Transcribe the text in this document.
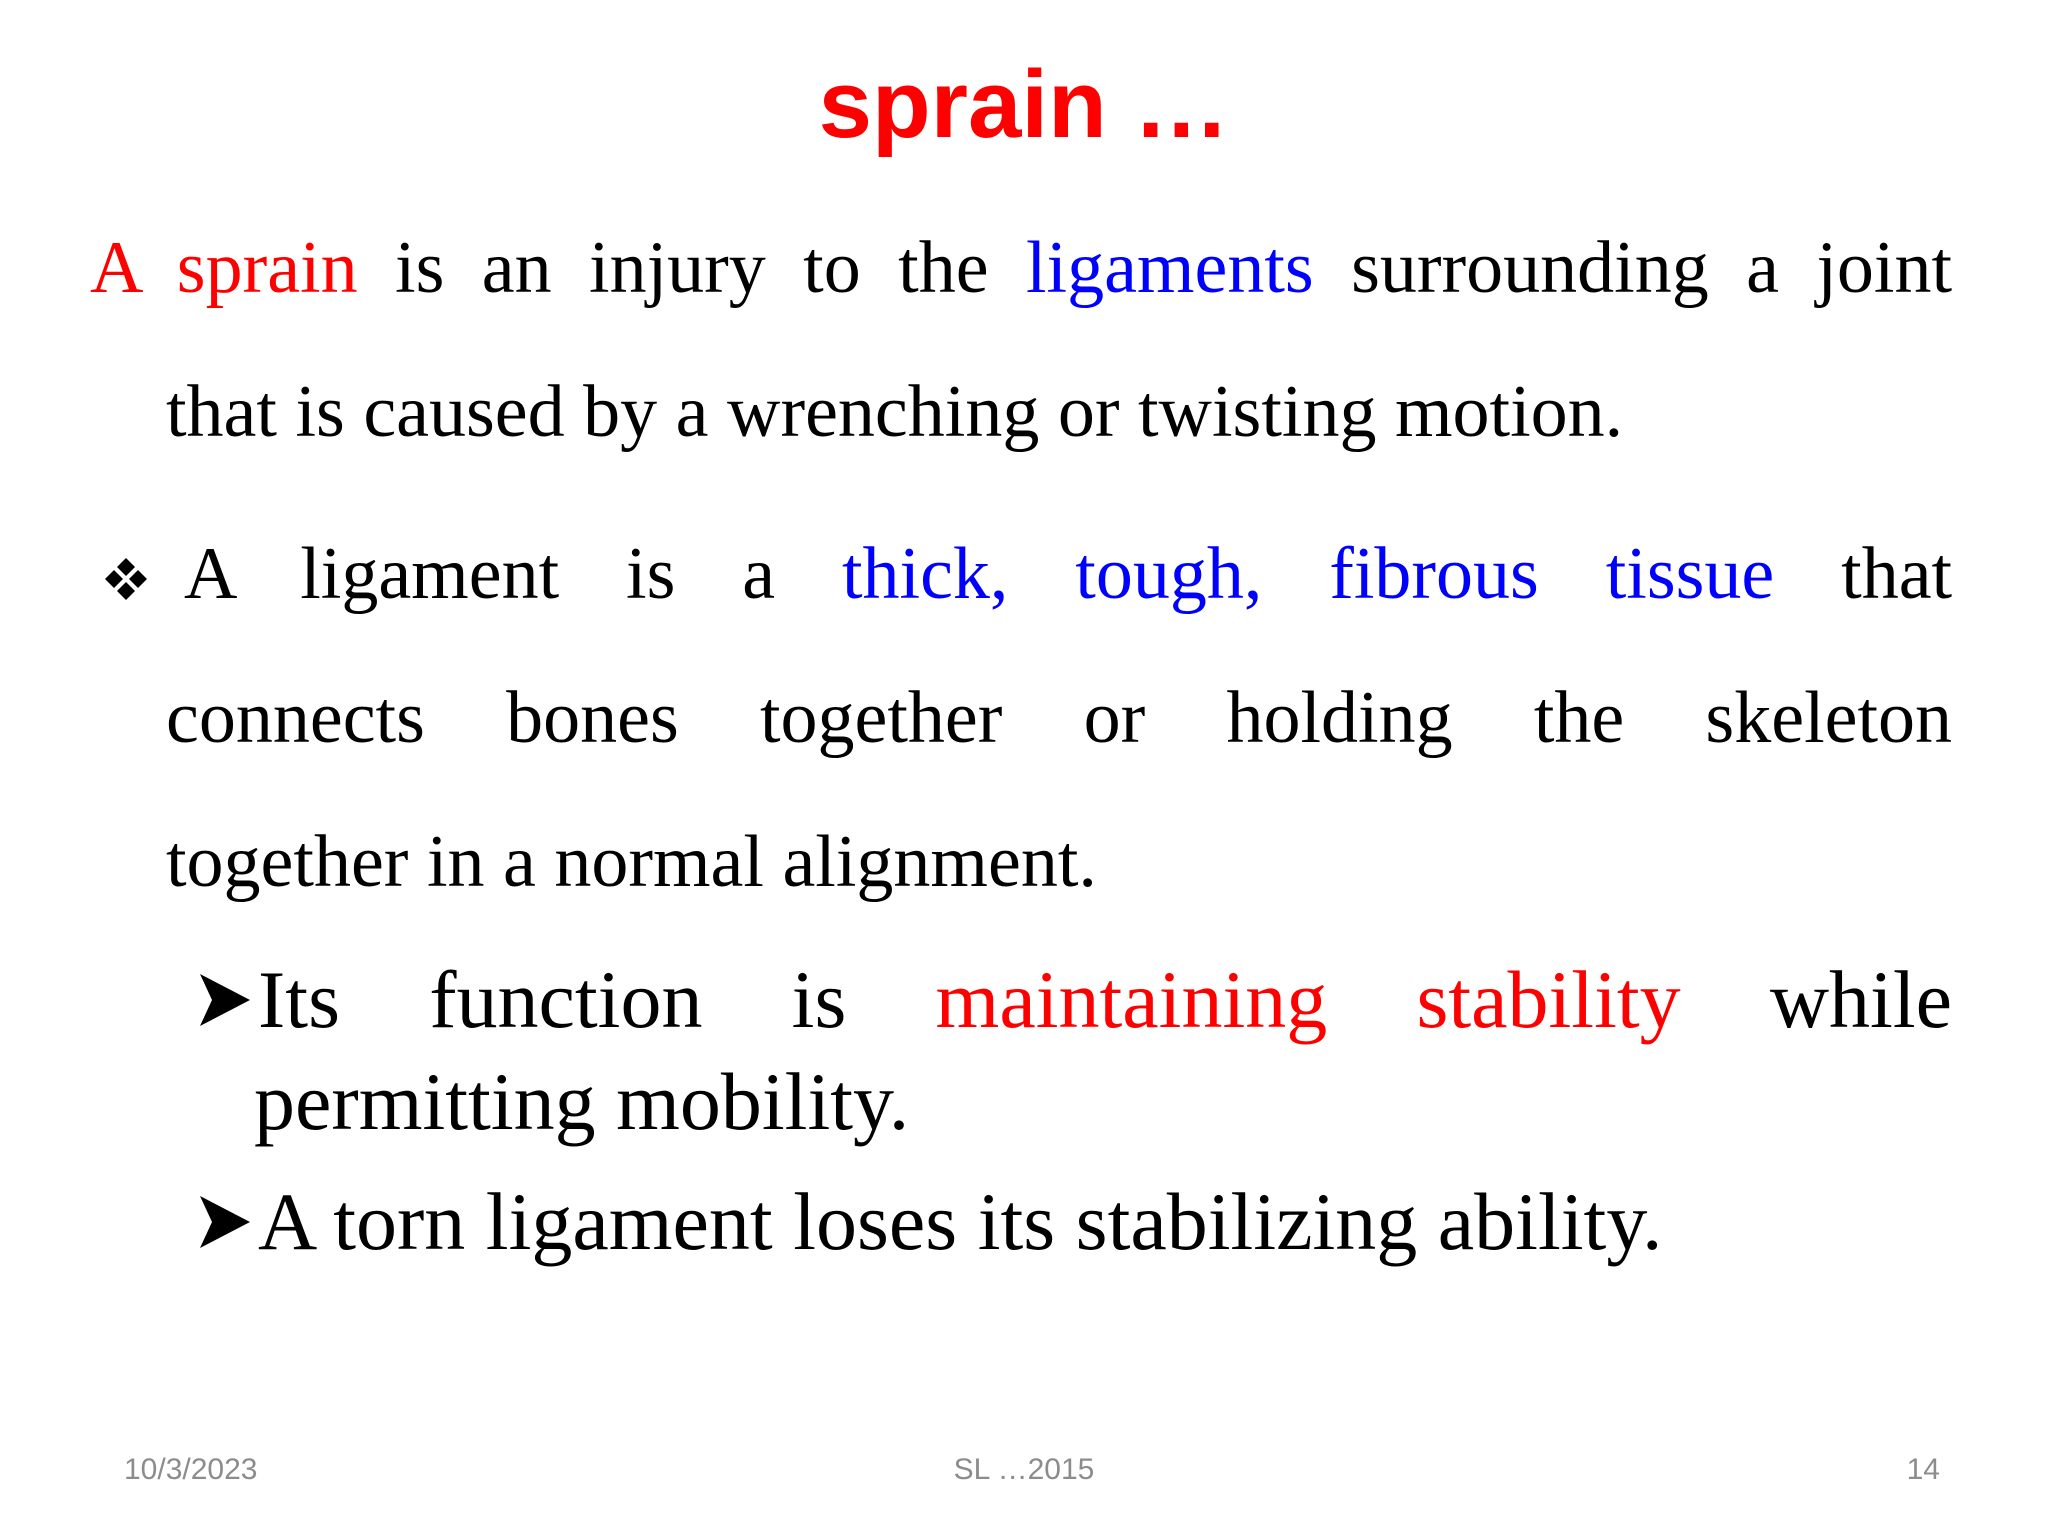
sprain …
A sprain is an injury to the ligaments surrounding a joint
that is caused by a wrenching or twisting motion.
A ligament is a thick, tough, fibrous tissue that
connects bones together or holding the skeleton
together in a normal alignment.
Its function is maintaining stability while
permitting mobility.
A torn ligament loses its stabilizing ability.
10/3/2023	SL …2015	14
